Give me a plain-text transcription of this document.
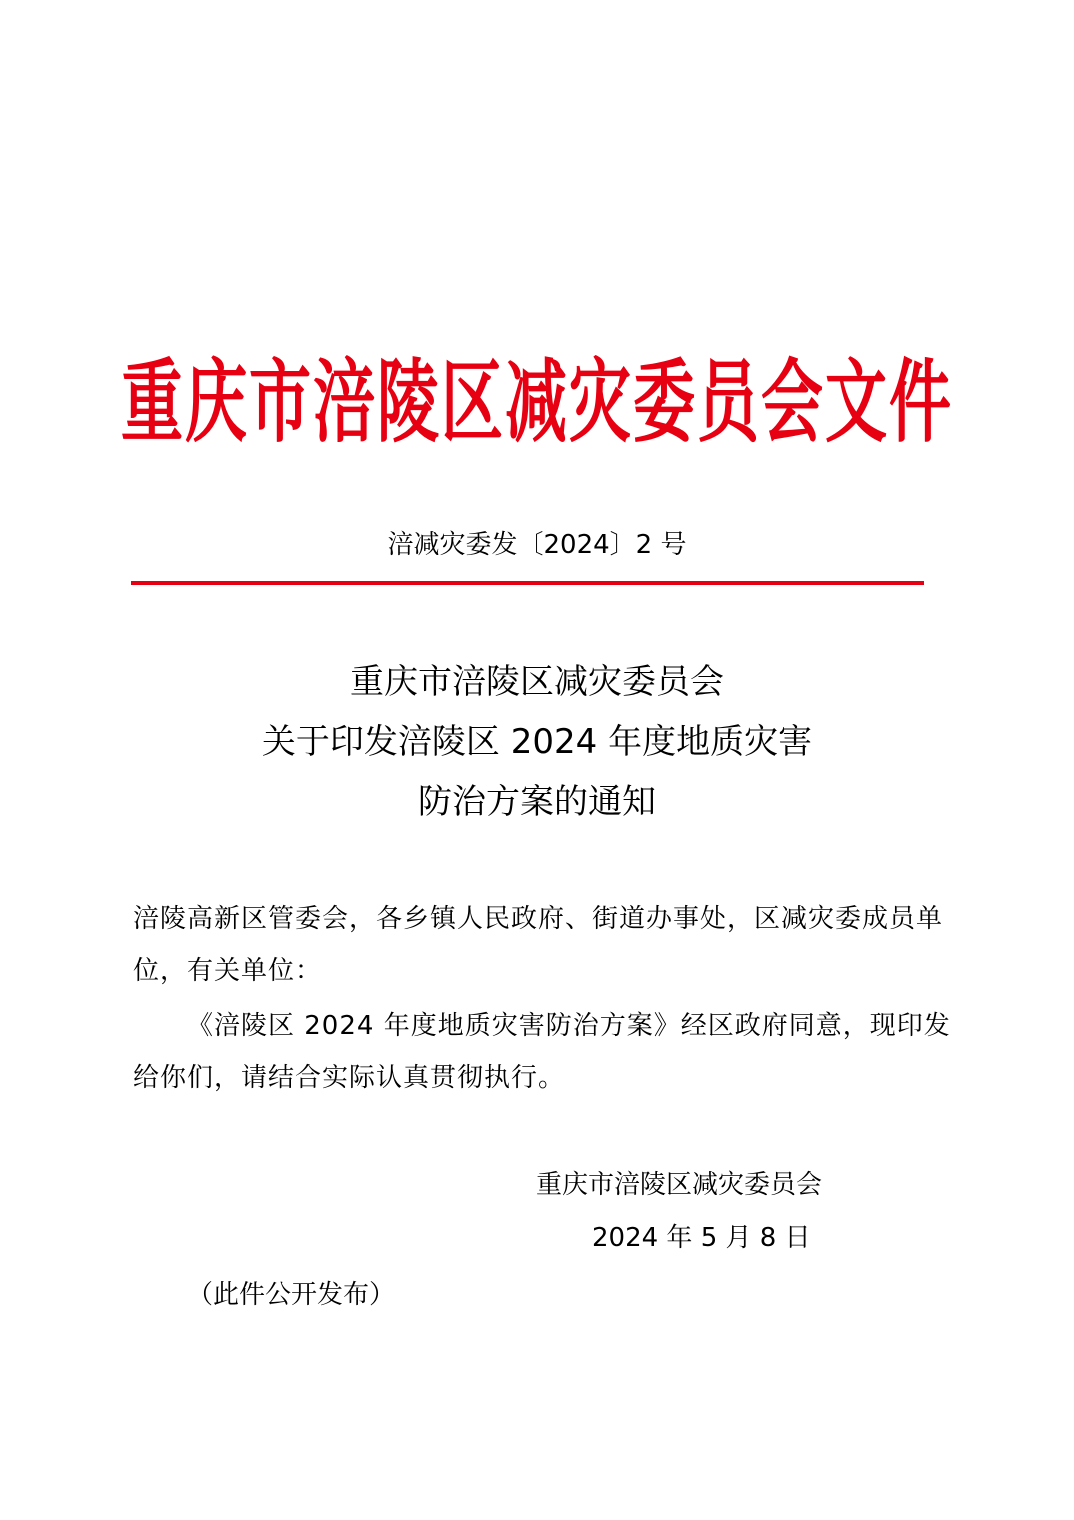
重庆市涪陵区减灾委员会文件
涪减灾委发〔2024〕2 号
重庆市涪陵区减灾委员会
关于印发涪陵区 2024 年度地质灾害
防治方案的通知
涪陵高新区管委会，各乡镇人民政府、街道办事处，区减灾委成员单位，有关单位：
《涪陵区 2024 年度地质灾害防治方案》经区政府同意，现印发给你们，请结合实际认真贯彻执行。
重庆市涪陵区减灾委员会
2024 年 5 月 8 日
（此件公开发布）
